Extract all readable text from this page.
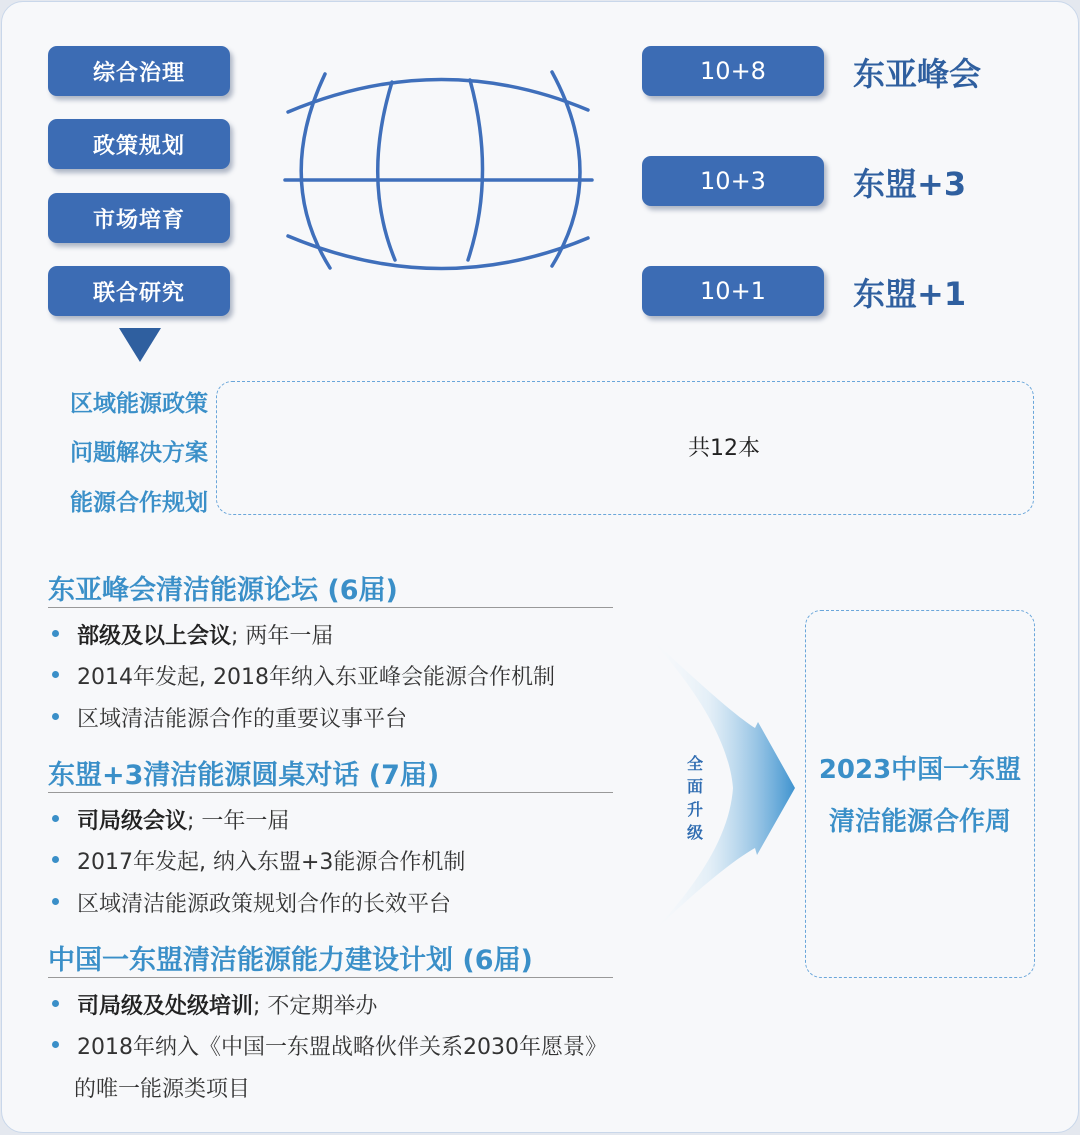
综合治理
政策规划
市场培育
联合研究
10+8	东亚峰会
10+3	东盟+3
10+1	东盟+1
区域能源政策
问题解决方案
能源合作规划
共12本
东亚峰会清洁能源论坛 (6届)
部级及以上会议; 两年一届
2014年发起, 2018年纳入东亚峰会能源合作机制
区域清洁能源合作的重要议事平台
东盟+3清洁能源圆桌对话 (7届)
司局级会议; 一年一届
2017年发起, 纳入东盟+3能源合作机制
区域清洁能源政策规划合作的长效平台
中国一东盟清洁能源能力建设计划 (6届)
司局级及处级培训; 不定期举办
2018年纳入《中国一东盟战略伙伴关系2030年愿景》
的唯一能源类项目
全面升级
2023中国一东盟
清洁能源合作周
